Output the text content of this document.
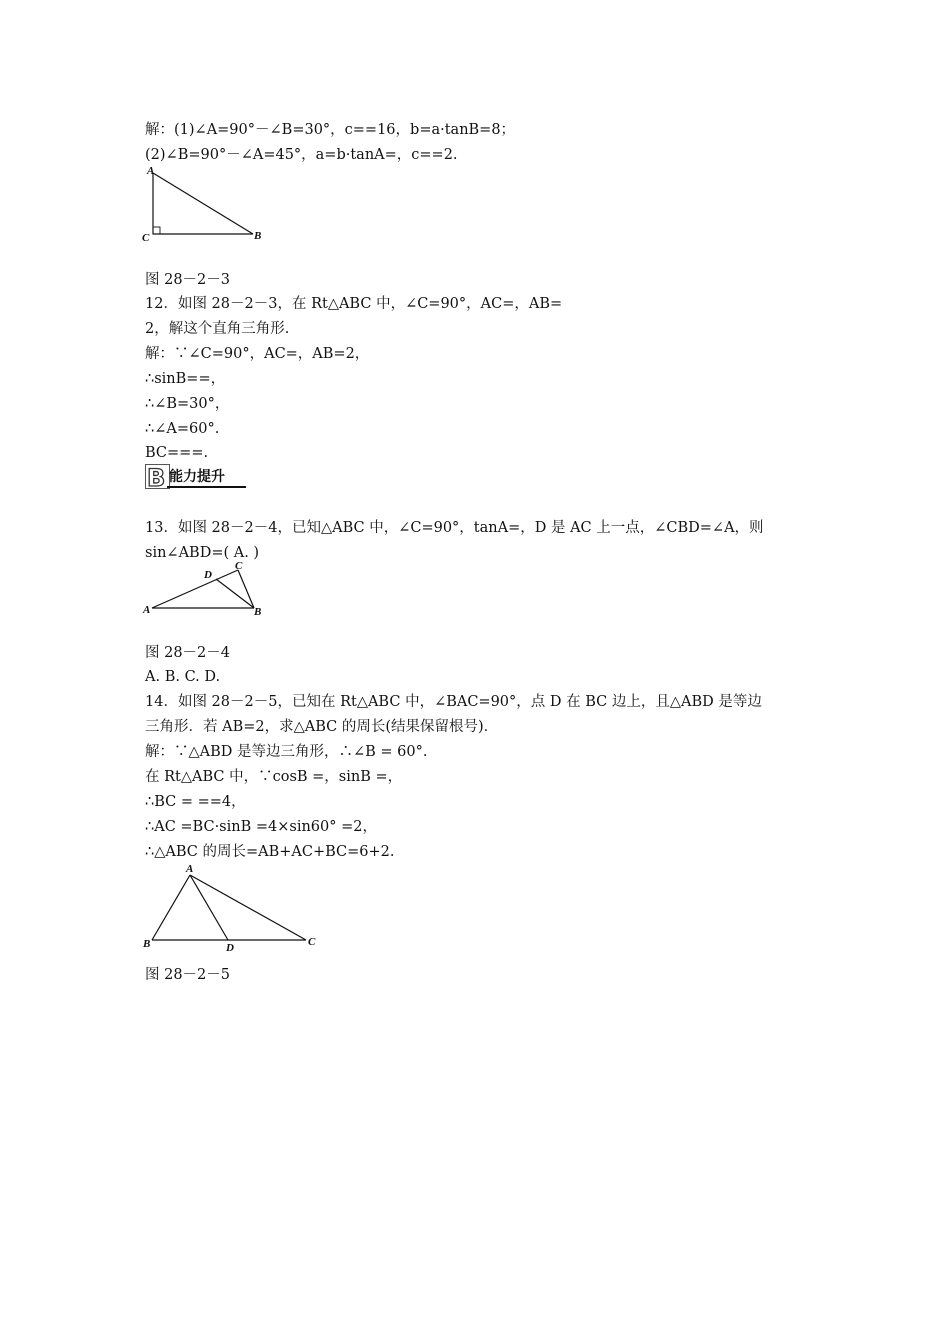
解：(1)∠A=90°－∠B=30°，c==16，b=a·tanB=8；
(2)∠B=90°－∠A=45°，a=b·tanA=，c==2.
A
C	B
图 28－2－3
12．如图 28－2－3，在 Rt△ABC 中，∠C=90°，AC=，AB=
2，解这个直角三角形.
解：∵∠C=90°，AC=，AB=2，
∴sinB==，
∴∠B=30°，
∴∠A=60°.
BC===.
B 能力提升
13．如图 28－2－4，已知△ABC 中，∠C=90°，tanA=，D 是 AC 上一点，∠CBD=∠A，则
sin∠ABD=( A. )
A	B
C
D
图 28－2－4
A. B. C. D.
14．如图 28－2－5，已知在 Rt△ABC 中，∠BAC=90°，点 D 在 BC 边上，且△ABD 是等边
三角形．若 AB=2，求△ABC 的周长(结果保留根号)．
解：∵△ABD 是等边三角形，∴∠B = 60°.
在 Rt△ABC 中，∵cosB =，sinB =，
∴BC = ==4，
∴AC =BC·sinB =4×sin60° =2，
∴△ABC 的周长=AB+AC+BC=6+2.
A
B	D	C
图 28－2－5
